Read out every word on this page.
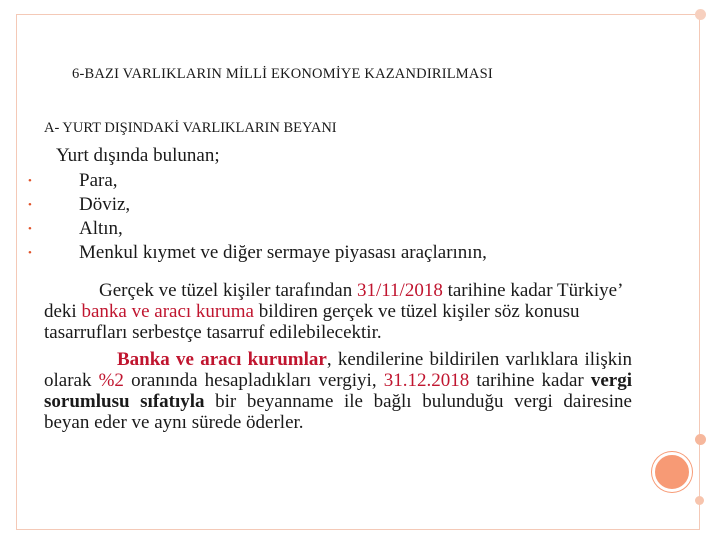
6-BAZI VARLIKLARIN MİLLİ EKONOMİYE KAZANDIRILMASI
A- YURT DIŞINDAKİ VARLIKLARIN BEYANI
Yurt dışında bulunan;
• Para,
• Döviz,
• Altın,
• Menkul kıymet ve diğer sermaye piyasası araçlarının,
Gerçek ve tüzel kişiler tarafından 31/11/2018 tarihine kadar Türkiye’ deki banka ve aracı kuruma bildiren gerçek ve tüzel kişiler söz konusu tasarrufları serbestçe tasarruf edilebilecektir.
Banka ve aracı kurumlar, kendilerine bildirilen varlıklara ilişkin olarak %2 oranında hesapladıkları vergiyi, 31.12.2018 tarihine kadar vergi sorumlusu sıfatıyla bir beyanname ile bağlı bulunduğu vergi dairesine beyan eder ve aynı sürede öderler.
